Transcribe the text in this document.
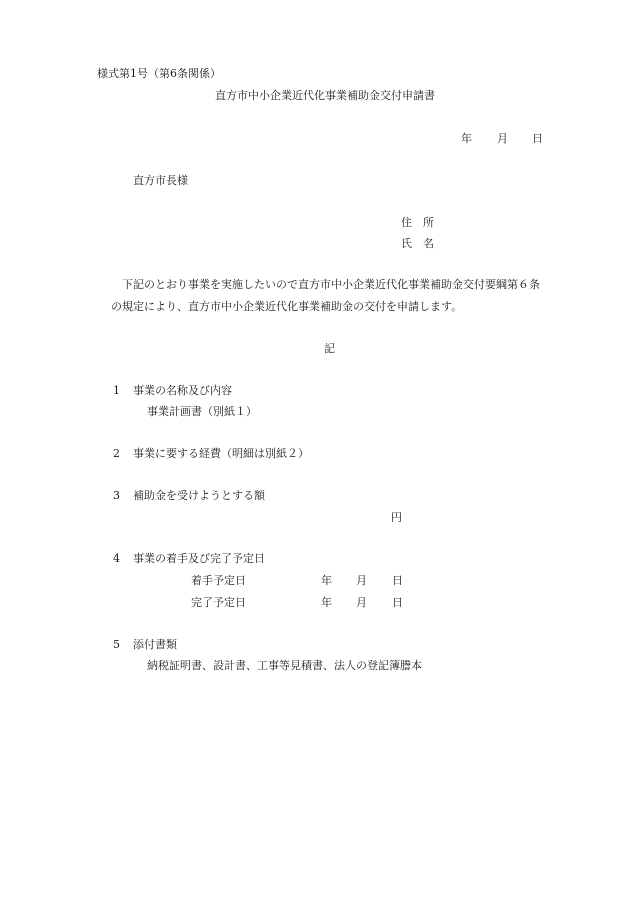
様式第1号（第6条関係）
直方市中小企業近代化事業補助金交付申請書
年 月 日
直方市長様
住　所
氏　名
下記のとおり事業を実施したいので直方市中小企業近代化事業補助金交付要綱第６条
の規定により、直方市中小企業近代化事業補助金の交付を申請します。
記
1 事業の名称及び内容
事業計画書（別紙１）
2 事業に要する経費（明細は別紙２）
3 補助金を受けようとする額
円
4 事業の着手及び完了予定日
着手予定日	年 月 日
完了予定日	年 月 日
5 添付書類
納税証明書、設計書、工事等見積書、法人の登記簿謄本
